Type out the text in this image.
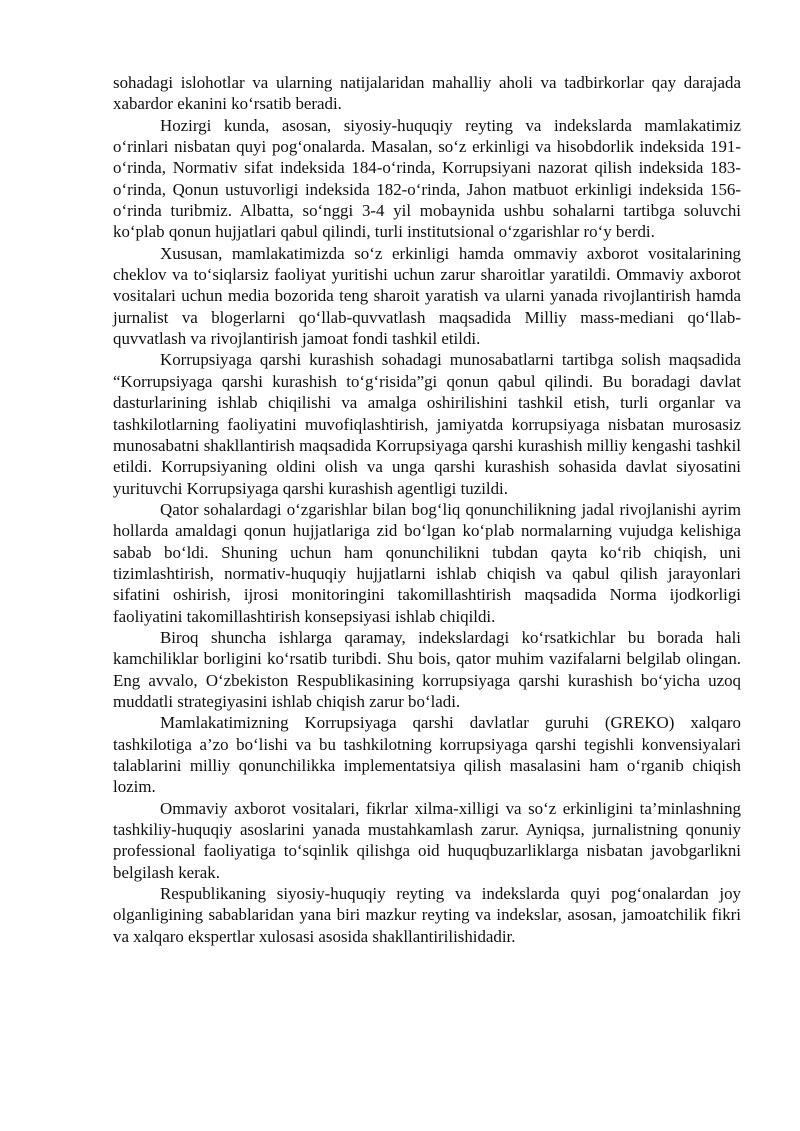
sohadagi islohotlar va ularning natijalaridan mahalliy aholi va tadbirkorlar qay darajada xabardor ekanini ko‘rsatib beradi.

Hozirgi kunda, asosan, siyosiy-huquqiy reyting va indekslarda mamlakatimiz o‘rinlari nisbatan quyi pog‘onalarda. Masalan, so‘z erkinligi va hisobdorlik indeksida 191-o‘rinda, Normativ sifat indeksida 184-o‘rinda, Korrupsiyani nazorat qilish indeksida 183-o‘rinda, Qonun ustuvorligi indeksida 182-o‘rinda, Jahon matbuot erkinligi indeksida 156-o‘rinda turibmiz. Albatta, so‘nggi 3-4 yil mobaynida ushbu sohalarni tartibga soluvchi ko‘plab qonun hujjatlari qabul qilindi, turli institutsional o‘zgarishlar ro‘y berdi.

Xususan, mamlakatimizda so‘z erkinligi hamda ommaviy axborot vositalarining cheklov va to‘siqlarsiz faoliyat yuritishi uchun zarur sharoitlar yaratildi. Ommaviy axborot vositalari uchun media bozorida teng sharoit yaratish va ularni yanada rivojlantirish hamda jurnalist va blogerlarni qo‘llab-quvvatlash maqsadida Milliy mass-mediani qo‘llab-quvvatlash va rivojlantirish jamoat fondi tashkil etildi.

Korrupsiyaga qarshi kurashish sohadagi munosabatlarni tartibga solish maqsadida “Korrupsiyaga qarshi kurashish to‘g‘risida”gi qonun qabul qilindi. Bu boradagi davlat dasturlarining ishlab chiqilishi va amalga oshirilishini tashkil etish, turli organlar va tashkilotlarning faoliyatini muvofiqlashtirish, jamiyatda korrupsiyaga nisbatan murosasiz munosabatni shakllantirish maqsadida Korrupsiyaga qarshi kurashish milliy kengashi tashkil etildi. Korrupsiyaning oldini olish va unga qarshi kurashish sohasida davlat siyosatini yurituvchi Korrupsiyaga qarshi kurashish agentligi tuzildi.

Qator sohalardagi o‘zgarishlar bilan bog‘liq qonunchilikning jadal rivojlanishi ayrim hollarda amaldagi qonun hujjatlariga zid bo‘lgan ko‘plab normalarning vujudga kelishiga sabab bo‘ldi. Shuning uchun ham qonunchilikni tubdan qayta ko‘rib chiqish, uni tizimlashtirish, normativ-huquqiy hujjatlarni ishlab chiqish va qabul qilish jarayonlari sifatini oshirish, ijrosi monitoringini takomillashtirish maqsadida Norma ijodkorligi faoliyatini takomillashtirish konsepsiyasi ishlab chiqildi.

Biroq shuncha ishlarga qaramay, indekslardagi ko‘rsatkichlar bu borada hali kamchiliklar borligini ko‘rsatib turibdi. Shu bois, qator muhim vazifalarni belgilab olingan. Eng avvalo, O‘zbekiston Respublikasining korrupsiyaga qarshi kurashish bo‘yicha uzoq muddatli strategiyasini ishlab chiqish zarur bo‘ladi.

Mamlakatimizning Korrupsiyaga qarshi davlatlar guruhi (GREKO) xalqaro tashkilotiga a’zo bo‘lishi va bu tashkilotning korrupsiyaga qarshi tegishli konvensiyalari talablarini milliy qonunchilikka implementatsiya qilish masalasini ham o‘rganib chiqish lozim.

Ommaviy axborot vositalari, fikrlar xilma-xilligi va so‘z erkinligini ta’minlashning tashkiliy-huquqiy asoslarini yanada mustahkamlash zarur. Ayniqsa, jurnalistning qonuniy professional faoliyatiga to‘sqinlik qilishga oid huquqbuzarliklarga nisbatan javobgarlikni belgilash kerak.

Respublikaning siyosiy-huquqiy reyting va indekslarda quyi pog‘onalardan joy olganligining sabablaridan yana biri mazkur reyting va indekslar, asosan, jamoatchilik fikri va xalqaro ekspertlar xulosasi asosida shakllantirilishidadir.
